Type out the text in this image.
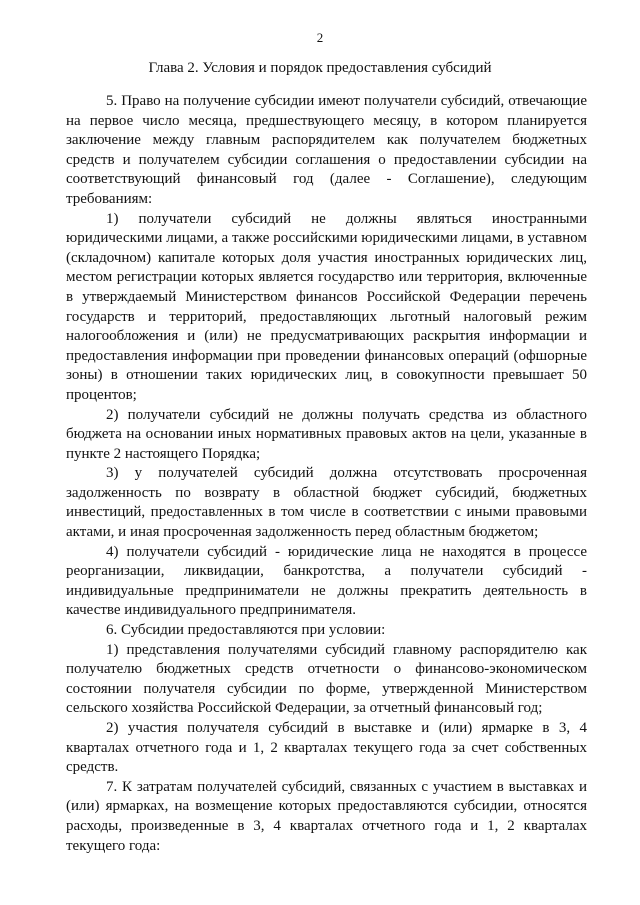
2
Глава 2. Условия и порядок предоставления субсидий

5. Право на получение субсидии имеют получатели субсидий, отвечающие на первое число месяца, предшествующего месяцу, в котором планируется заключение между главным распорядителем как получателем бюджетных средств и получателем субсидии соглашения о предоставлении субсидии на соответствующий финансовый год (далее - Соглашение), следующим требованиям:

1) получатели субсидий не должны являться иностранными юридическими лицами, а также российскими юридическими лицами, в уставном (складочном) капитале которых доля участия иностранных юридических лиц, местом регистрации которых является государство или территория, включенные в утверждаемый Министерством финансов Российской Федерации перечень государств и территорий, предоставляющих льготный налоговый режим налогообложения и (или) не предусматривающих раскрытия информации и предоставления информации при проведении финансовых операций (офшорные зоны) в отношении таких юридических лиц, в совокупности превышает 50 процентов;

2) получатели субсидий не должны получать средства из областного бюджета на основании иных нормативных правовых актов на цели, указанные в пункте 2 настоящего Порядка;

3) у получателей субсидий должна отсутствовать просроченная задолженность по возврату в областной бюджет субсидий, бюджетных инвестиций, предоставленных в том числе в соответствии с иными правовыми актами, и иная просроченная задолженность перед областным бюджетом;

4) получатели субсидий - юридические лица не находятся в процессе реорганизации, ликвидации, банкротства, а получатели субсидий - индивидуальные предприниматели не должны прекратить деятельность в качестве индивидуального предпринимателя.

6. Субсидии предоставляются при условии:

1) представления получателями субсидий главному распорядителю как получателю бюджетных средств отчетности о финансово-экономическом состоянии получателя субсидии по форме, утвержденной Министерством сельского хозяйства Российской Федерации, за отчетный финансовый год;

2) участия получателя субсидий в выставке и (или) ярмарке в 3, 4 кварталах отчетного года и 1, 2 кварталах текущего года за счет собственных средств.

7. К затратам получателей субсидий, связанных с участием в выставках и (или) ярмарках, на возмещение которых предоставляются субсидии, относятся расходы, произведенные в 3, 4 кварталах отчетного года и 1, 2 кварталах текущего года:
